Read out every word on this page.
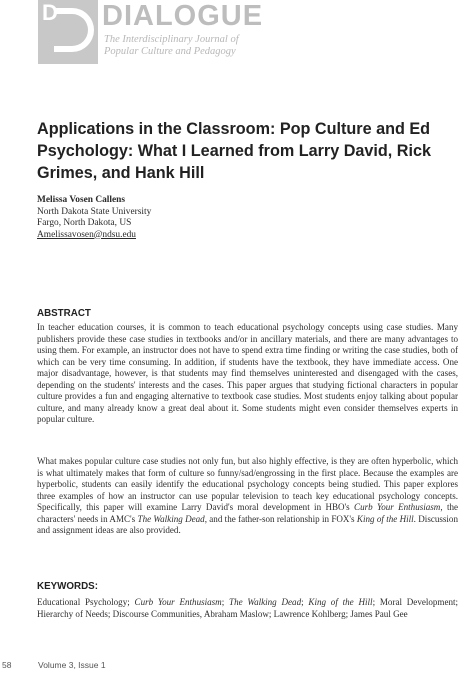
D DIALOGUE
The Interdisciplinary Journal of
Popular Culture and Pedagogy
Applications in the Classroom: Pop Culture and Ed Psychology: What I Learned from Larry David, Rick Grimes, and Hank Hill
Melissa Vosen Callens
North Dakota State University
Fargo, North Dakota, US
Amelissavosen@ndsu.edu
ABSTRACT

In teacher education courses, it is common to teach educational psychology concepts using case studies. Many publishers provide these case studies in textbooks and/or in ancillary materials, and there are many advantages to using them. For example, an instructor does not have to spend extra time finding or writing the case studies, both of which can be very time consuming. In addition, if students have the textbook, they have immediate access. One major disadvantage, however, is that students may find themselves uninterested and disengaged with the cases, depending on the students' interests and the cases. This paper argues that studying fictional characters in popular culture provides a fun and engaging alternative to textbook case studies. Most students enjoy talking about popular culture, and many already know a great deal about it. Some students might even consider themselves experts in popular culture.

What makes popular culture case studies not only fun, but also highly effective, is they are often hyperbolic, which is what ultimately makes that form of culture so funny/sad/engrossing in the first place. Because the examples are hyperbolic, students can easily identify the educational psychology concepts being studied. This paper explores three examples of how an instructor can use popular television to teach key educational psychology concepts. Specifically, this paper will examine Larry David's moral development in HBO's Curb Your Enthusiasm, the characters' needs in AMC's The Walking Dead, and the father-son relationship in FOX's King of the Hill. Discussion and assignment ideas are also provided.

KEYWORDS:

Educational Psychology; Curb Your Enthusiasm; The Walking Dead; King of the Hill; Moral Development; Hierarchy of Needs; Discourse Communities, Abraham Maslow; Lawrence Kohlberg; James Paul Gee

58	Volume 3, Issue 1
